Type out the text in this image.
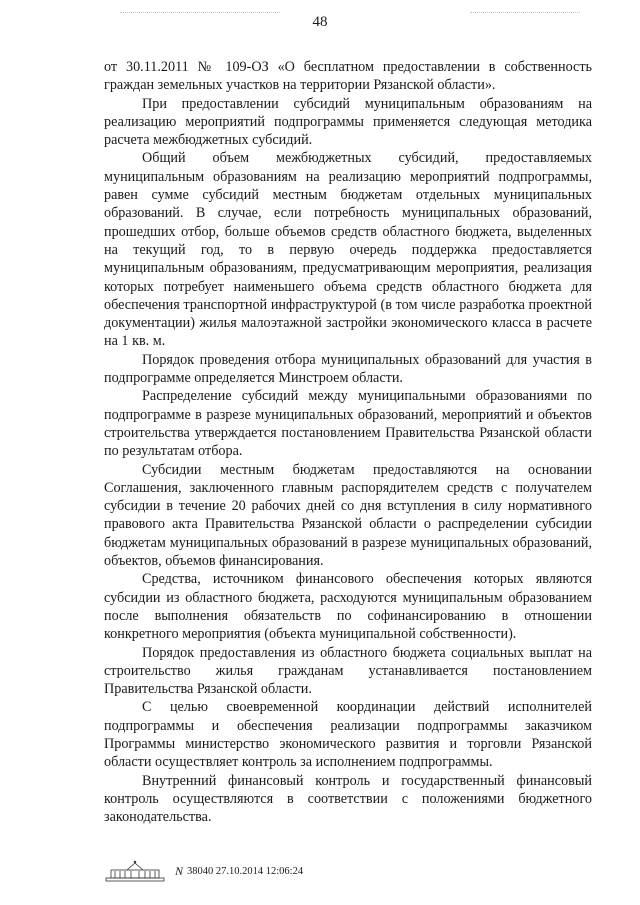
48

от 30.11.2011 № 109-ОЗ «О бесплатном предоставлении в собственность граждан земельных участков на территории Рязанской области».

При предоставлении субсидий муниципальным образованиям на реализацию мероприятий подпрограммы применяется следующая методика расчета межбюджетных субсидий.

Общий объем межбюджетных субсидий, предоставляемых муниципальным образованиям на реализацию мероприятий подпрограммы, равен сумме субсидий местным бюджетам отдельных муниципальных образований. В случае, если потребность муниципальных образований, прошедших отбор, больше объемов средств областного бюджета, выделенных на текущий год, то в первую очередь поддержка предоставляется муниципальным образованиям, предусматривающим мероприятия, реализация которых потребует наименьшего объема средств областного бюджета для обеспечения транспортной инфраструктурой (в том числе разработка проектной документации) жилья малоэтажной застройки экономического класса в расчете на 1 кв. м.

Порядок проведения отбора муниципальных образований для участия в подпрограмме определяется Минстроем области.

Распределение субсидий между муниципальными образованиями по подпрограмме в разрезе муниципальных образований, мероприятий и объектов строительства утверждается постановлением Правительства Рязанской области по результатам отбора.

Субсидии местным бюджетам предоставляются на основании Соглашения, заключенного главным распорядителем средств с получателем субсидии в течение 20 рабочих дней со дня вступления в силу нормативного правового акта Правительства Рязанской области о распределении субсидии бюджетам муниципальных образований в разрезе муниципальных образований, объектов, объемов финансирования.

Средства, источником финансового обеспечения которых являются субсидии из областного бюджета, расходуются муниципальным образованием после выполнения обязательств по софинансированию в отношении конкретного мероприятия (объекта муниципальной собственности).

Порядок предоставления из областного бюджета социальных выплат на строительство жилья гражданам устанавливается постановлением Правительства Рязанской области.

С целью своевременной координации действий исполнителей подпрограммы и обеспечения реализации подпрограммы заказчиком Программы министерство экономического развития и торговли Рязанской области осуществляет контроль за исполнением подпрограммы.

Внутренний финансовый контроль и государственный финансовый контроль осуществляются в соответствии с положениями бюджетного законодательства.

N 38040 27.10.2014 12:06:24
